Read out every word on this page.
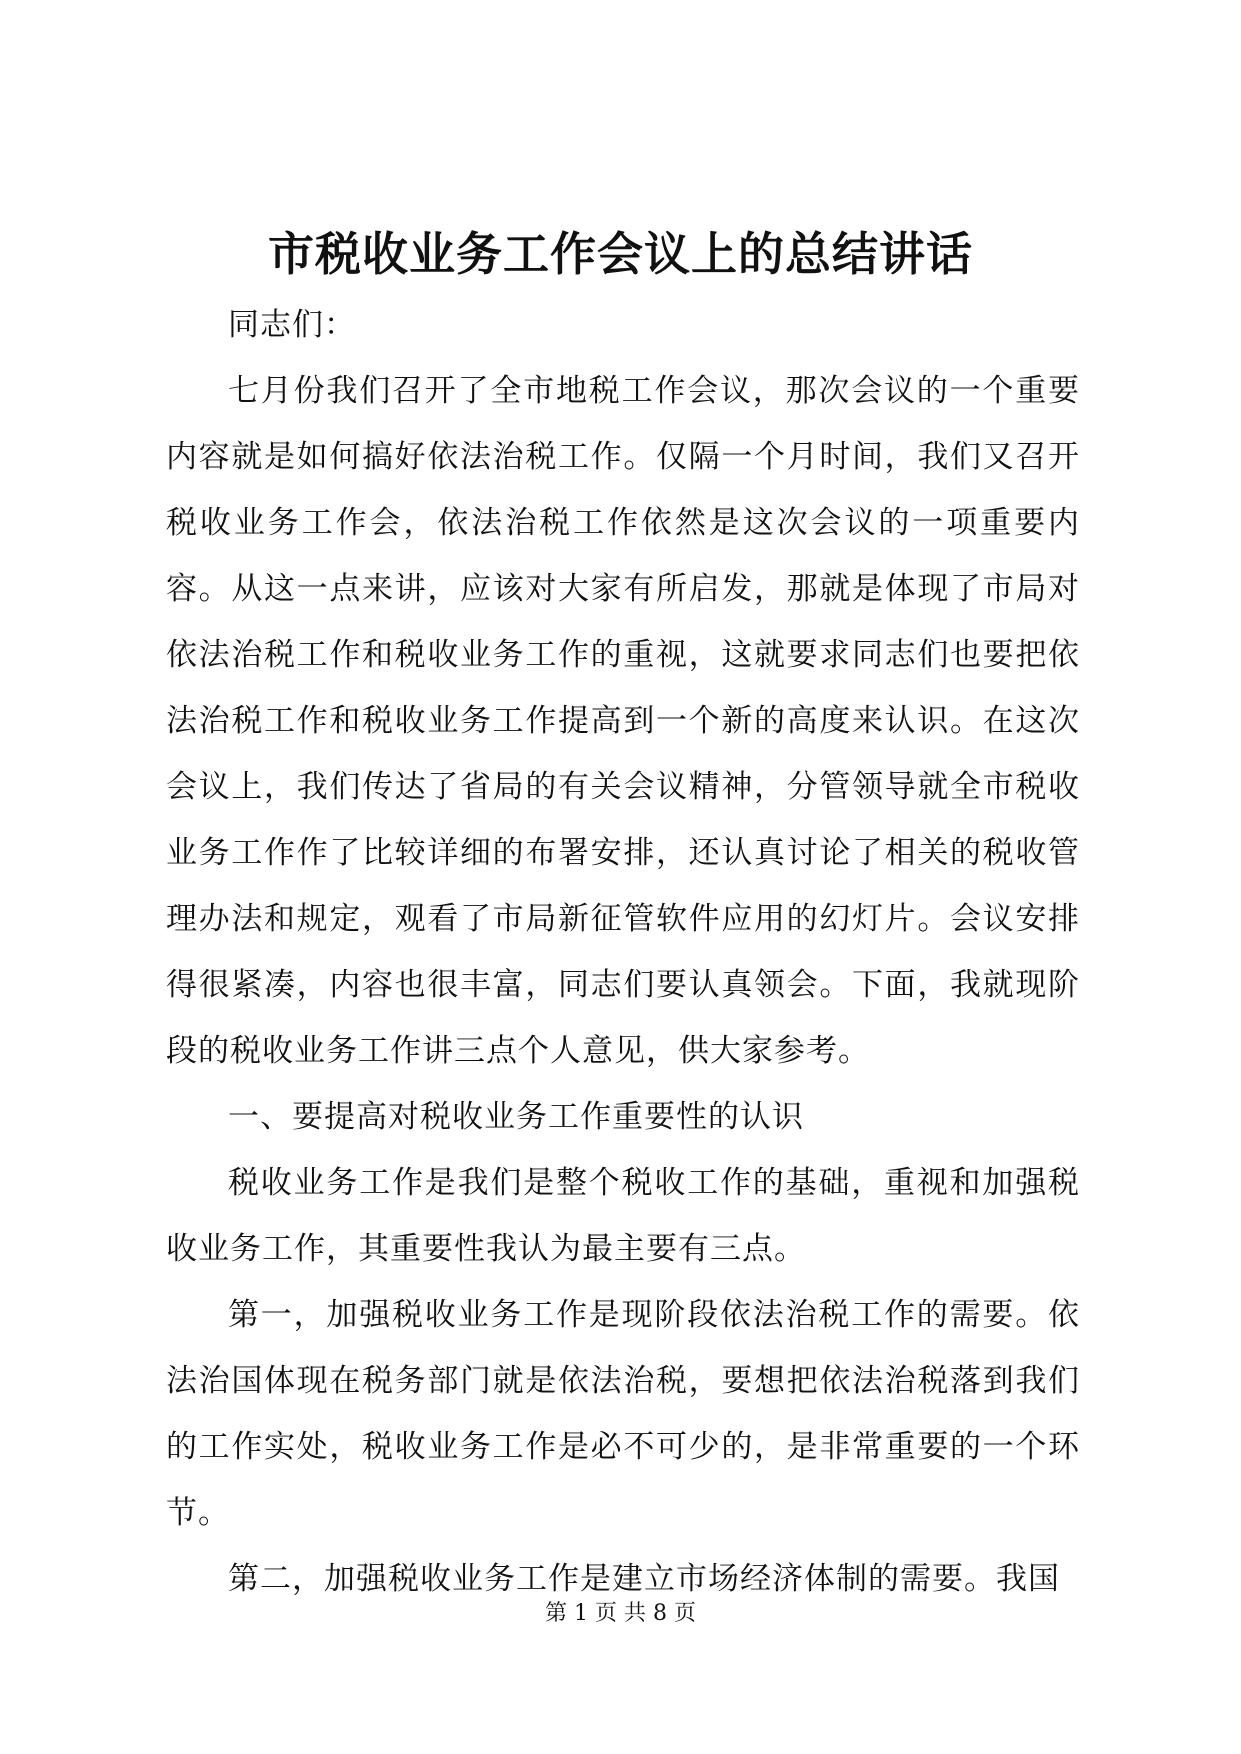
市税收业务工作会议上的总结讲话

同志们：

七月份我们召开了全市地税工作会议，那次会议的一个重要内容就是如何搞好依法治税工作。仅隔一个月时间，我们又召开税收业务工作会，依法治税工作依然是这次会议的一项重要内容。从这一点来讲，应该对大家有所启发，那就是体现了市局对依法治税工作和税收业务工作的重视，这就要求同志们也要把依法治税工作和税收业务工作提高到一个新的高度来认识。在这次会议上，我们传达了省局的有关会议精神，分管领导就全市税收业务工作作了比较详细的布署安排，还认真讨论了相关的税收管理办法和规定，观看了市局新征管软件应用的幻灯片。会议安排得很紧凑，内容也很丰富，同志们要认真领会。下面，我就现阶段的税收业务工作讲三点个人意见，供大家参考。

一、要提高对税收业务工作重要性的认识

税收业务工作是我们是整个税收工作的基础，重视和加强税收业务工作，其重要性我认为最主要有三点。

第一，加强税收业务工作是现阶段依法治税工作的需要。依法治国体现在税务部门就是依法治税，要想把依法治税落到我们的工作实处，税收业务工作是必不可少的，是非常重要的一个环节。

第二，加强税收业务工作是建立市场经济体制的需要。我国

第 1 页 共 8 页
